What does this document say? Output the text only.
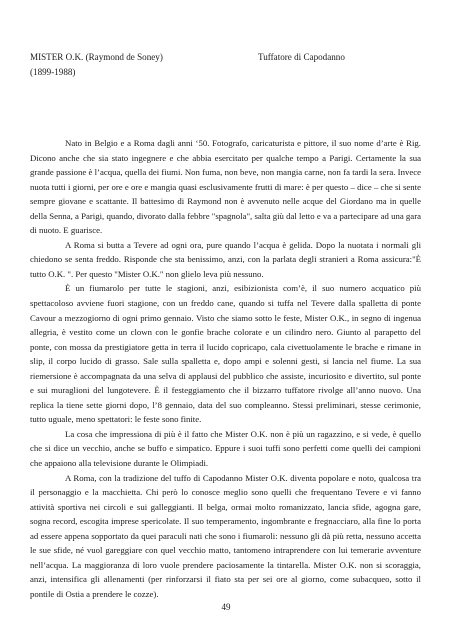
MISTER O.K. (Raymond de Soney)
(1899-1988)
Tuffatore di Capodanno

Nato in Belgio e a Roma dagli anni ‘50. Fotografo, caricaturista e pittore, il suo nome d’arte è Rig. Dicono anche che sia stato ingegnere e che abbia esercitato per qualche tempo a Parigi. Certamente la sua grande passione è l’acqua, quella dei fiumi. Non fuma, non beve, non mangia carne, non fa tardi la sera. Invece nuota tutti i giorni, per ore e ore e mangia quasi esclusivamente frutti di mare: è per questo – dice – che si sente sempre giovane e scattante. Il battesimo di Raymond non è avvenuto nelle acque del Giordano ma in quelle della Senna, a Parigi, quando, divorato dalla febbre "spagnola", salta giù dal letto e va a partecipare ad una gara di nuoto. E guarisce.

A Roma si butta a Tevere ad ogni ora, pure quando l’acqua è gelida. Dopo la nuotata i normali gli chiedono se senta freddo. Risponde che sta benissimo, anzi, con la parlata degli stranieri a Roma assicura:"È tutto O.K. ". Per questo "Mister O.K." non glielo leva più nessuno.

È un fiumarolo per tutte le stagioni, anzi, esibizionista com’è, il suo numero acquatico più spettacoloso avviene fuori stagione, con un freddo cane, quando si tuffa nel Tevere dalla spalletta di ponte Cavour a mezzogiorno di ogni primo gennaio. Visto che siamo sotto le feste, Mister O.K., in segno di ingenua allegria, è vestito come un clown con le gonfie brache colorate e un cilindro nero. Giunto al parapetto del ponte, con mossa da prestigiatore getta in terra il lucido copricapo, cala civettuolamente le brache e rimane in slip, il corpo lucido di grasso. Sale sulla spalletta e, dopo ampi e solenni gesti, si lancia nel fiume. La sua riemersione è accompagnata da una selva di applausi del pubblico che assiste, incuriosito e divertito, sul ponte e sui muraglioni del lungotevere. È il festeggiamento che il bizzarro tuffatore rivolge all’anno nuovo. Una replica la tiene sette giorni dopo, l’8 gennaio, data del suo compleanno. Stessi preliminari, stesse cerimonie, tutto uguale, meno spettatori: le feste sono finite.

La cosa che impressiona di più è il fatto che Mister O.K. non è più un ragazzino, e si vede, è quello che si dice un vecchio, anche se buffo e simpatico. Eppure i suoi tuffi sono perfetti come quelli dei campioni che appaiono alla televisione durante le Olimpiadi.

A Roma, con la tradizione del tuffo di Capodanno Mister O.K. diventa popolare e noto, qualcosa tra il personaggio e la macchietta. Chi però lo conosce meglio sono quelli che frequentano Tevere e vi fanno attività sportiva nei circoli e sui galleggianti. Il belga, ormai molto romanizzato, lancia sfide, agogna gare, sogna record, escogita imprese spericolate. Il suo temperamento, ingombrante e fregnacciaro, alla fine lo porta ad essere appena sopportato da quei paraculi nati che sono i fiumaroli: nessuno gli dà più retta, nessuno accetta le sue sfide, né vuol gareggiare con quel vecchio matto, tantomeno intraprendere con lui temerarie avventure nell’acqua. La maggioranza di loro vuole prendere paciosamente la tintarella. Mister O.K. non si scoraggia, anzi, intensifica gli allenamenti (per rinforzarsi il fiato sta per sei ore al giorno, come subacqueo, sotto il pontile di Ostia a prendere le cozze).

49
